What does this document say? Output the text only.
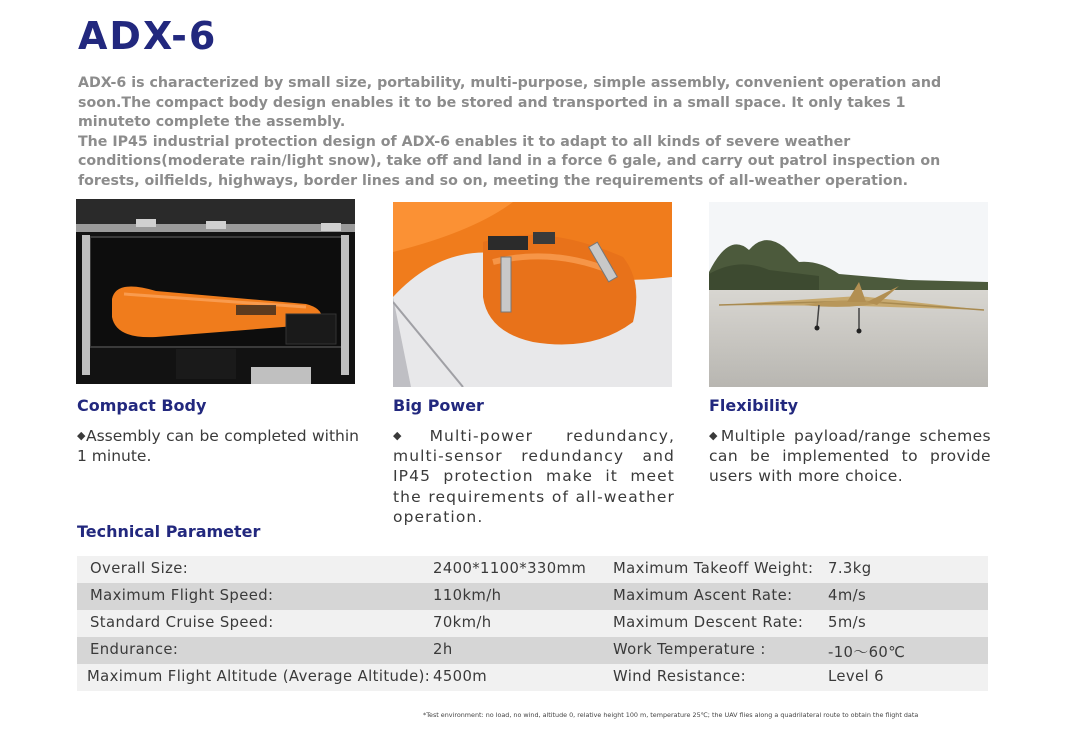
ADX-6

ADX-6 is characterized by small size, portability, multi-purpose, simple assembly, convenient operation and soon.The compact body design enables it to be stored and transported in a small space. It only takes 1 minuteto complete the assembly.

The IP45 industrial protection design of ADX-6 enables it to adapt to all kinds of severe weather conditions(moderate rain/light snow), take off and land in a force 6 gale, and carry out patrol inspection on forests, oilfields, highways, border lines and so on, meeting the requirements of all-weather operation.

Compact Body	Big Power	Flexibility
◆Assembly can be completed within 1 minute.
◆Multi-power redundancy, multi-sensor redundancy and IP45 protection make it meet the requirements of all-weather operation.
◆Multiple payload/range schemes can be implemented to provide users with more choice.
Technical Parameter
Overall Size:	2400*1100*330mm Maximum Takeoff Weight: 7.3kg
Maximum Flight Speed:	110km/h	Maximum Ascent Rate: 4m/s
Standard Cruise Speed:	70km/h	Maximum Descent Rate: 5m/s
Endurance:	2h	Work Temperature :	-10～60℃
Maximum Flight Altitude (Average Altitude): 4500m	Wind Resistance:	Level 6
*Test environment: no load, no wind, altitude 0, relative height 100 m, temperature 25℃; the UAV flies along a quadrilateral route to obtain the flight data
